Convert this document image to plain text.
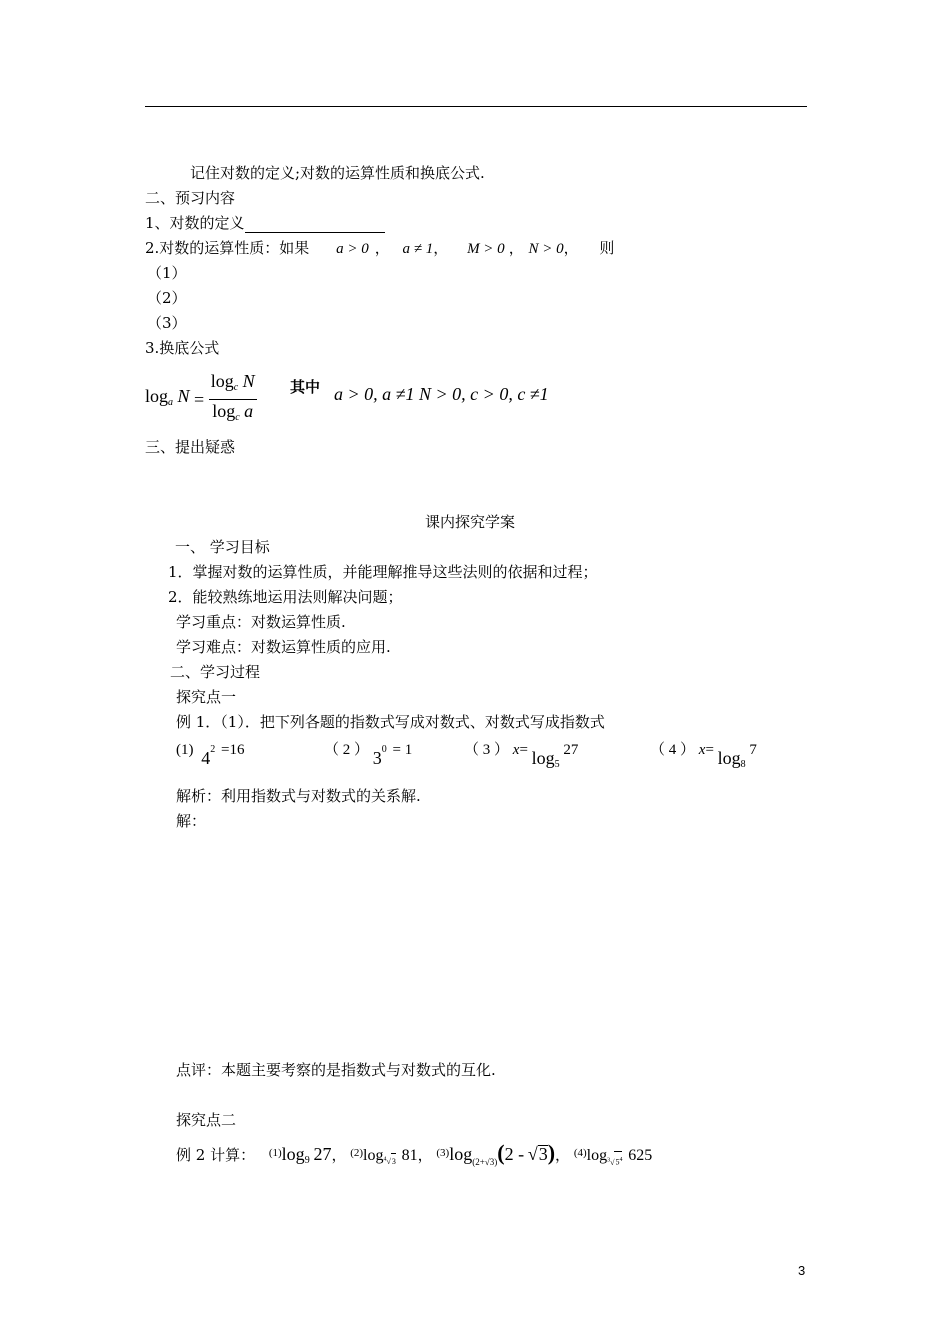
记住对数的定义;对数的运算性质和换底公式.
二、预习内容
1、对数的定义
2.对数的运算性质：如果 a > 0 ， a ≠ 1， M > 0 ， N > 0， 则
（1）
（2）
（3）
3.换底公式
$\log_a N = \frac{\log_c N}{\log_c a}$ 其中 a > 0, a ≠1 N > 0, c > 0, c ≠1
三、提出疑惑
课内探究学案
一、 学习目标
1．掌握对数的运算性质，并能理解推导这些法则的依据和过程；
2．能较熟练地运用法则解决问题；
学习重点：对数运算性质.
学习难点：对数运算性质的应用.
二、学习过程
探究点一
例 1．（1）．把下列各题的指数式写成对数式、对数式写成指数式
(1) $4^2 =16$	（ 2 ） $3^0 = 1$	（ 3 ） $x= \log_5 27$	（ 4 ） $x= \log_8 7$
解析：利用指数式与对数式的关系解.
解：
点评：本题主要考察的是指数式与对数式的互化.
探究点二
例 2 计算： $^{(1)}\log_9$ 27， $^{(2)}\log_{^4√3}$ 81， $^{(3)}\log_{(2+√3)}(2 - √3)$， $^{(4)}\log_{^3√5^4}$ 625
3
